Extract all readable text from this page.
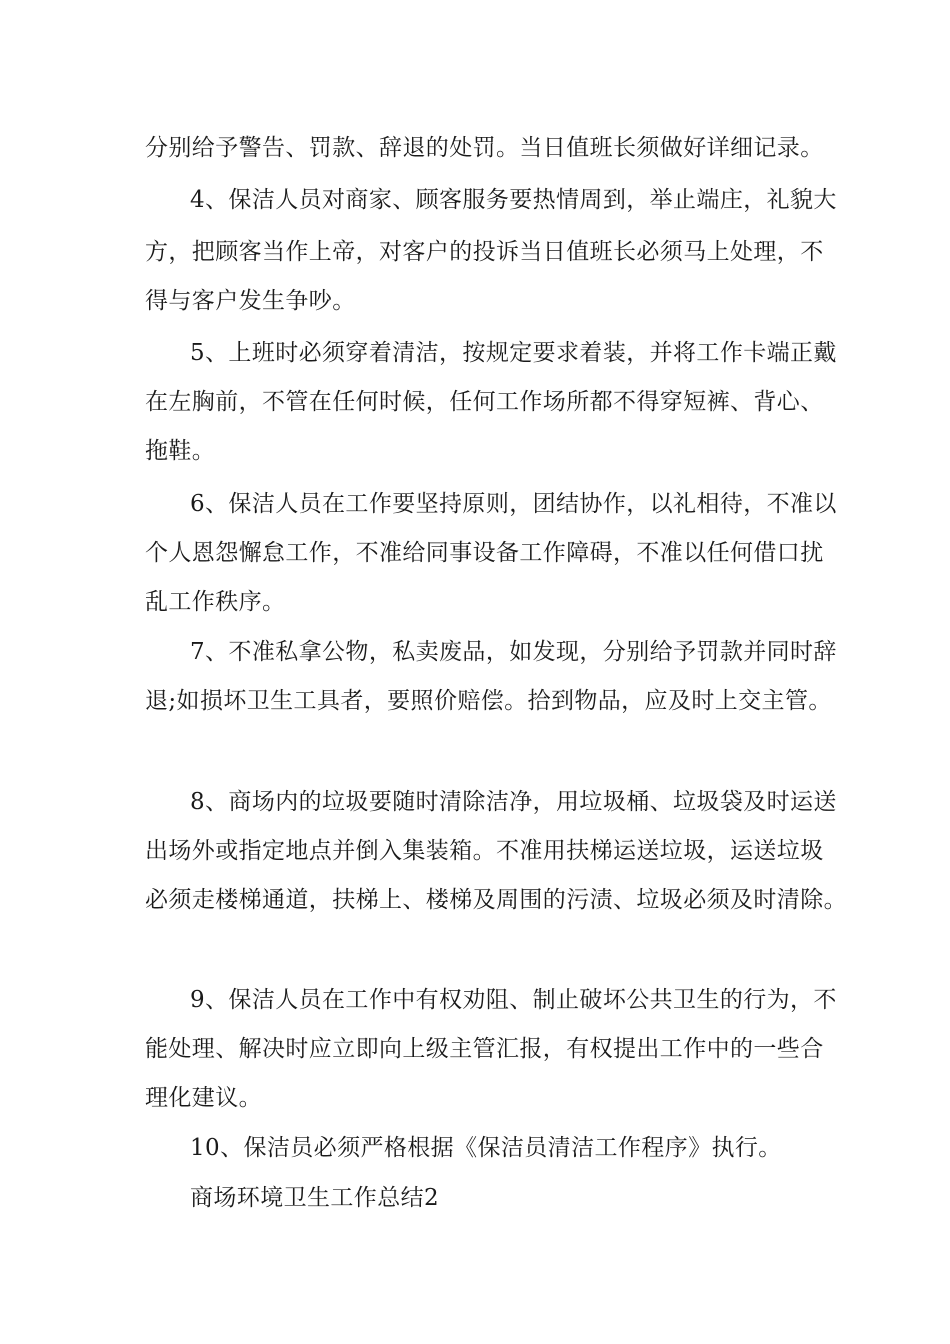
分别给予警告、罚款、辞退的处罚。当日值班长须做好详细记录。
4、保洁人员对商家、顾客服务要热情周到，举止端庄，礼貌大
方，把顾客当作上帝，对客户的投诉当日值班长必须马上处理，不
得与客户发生争吵。
5、上班时必须穿着清洁，按规定要求着装，并将工作卡端正戴
在左胸前，不管在任何时候，任何工作场所都不得穿短裤、背心、
拖鞋。
6、保洁人员在工作要坚持原则，团结协作，以礼相待，不准以
个人恩怨懈怠工作，不准给同事设备工作障碍，不准以任何借口扰
乱工作秩序。
7、不准私拿公物，私卖废品，如发现，分别给予罚款并同时辞
退;如损坏卫生工具者，要照价赔偿。拾到物品，应及时上交主管。
8、商场内的垃圾要随时清除洁净，用垃圾桶、垃圾袋及时运送
出场外或指定地点并倒入集装箱。不准用扶梯运送垃圾，运送垃圾
必须走楼梯通道，扶梯上、楼梯及周围的污渍、垃圾必须及时清除。
9、保洁人员在工作中有权劝阻、制止破坏公共卫生的行为，不
能处理、解决时应立即向上级主管汇报，有权提出工作中的一些合
理化建议。
10、保洁员必须严格根据《保洁员清洁工作程序》执行。
商场环境卫生工作总结2
